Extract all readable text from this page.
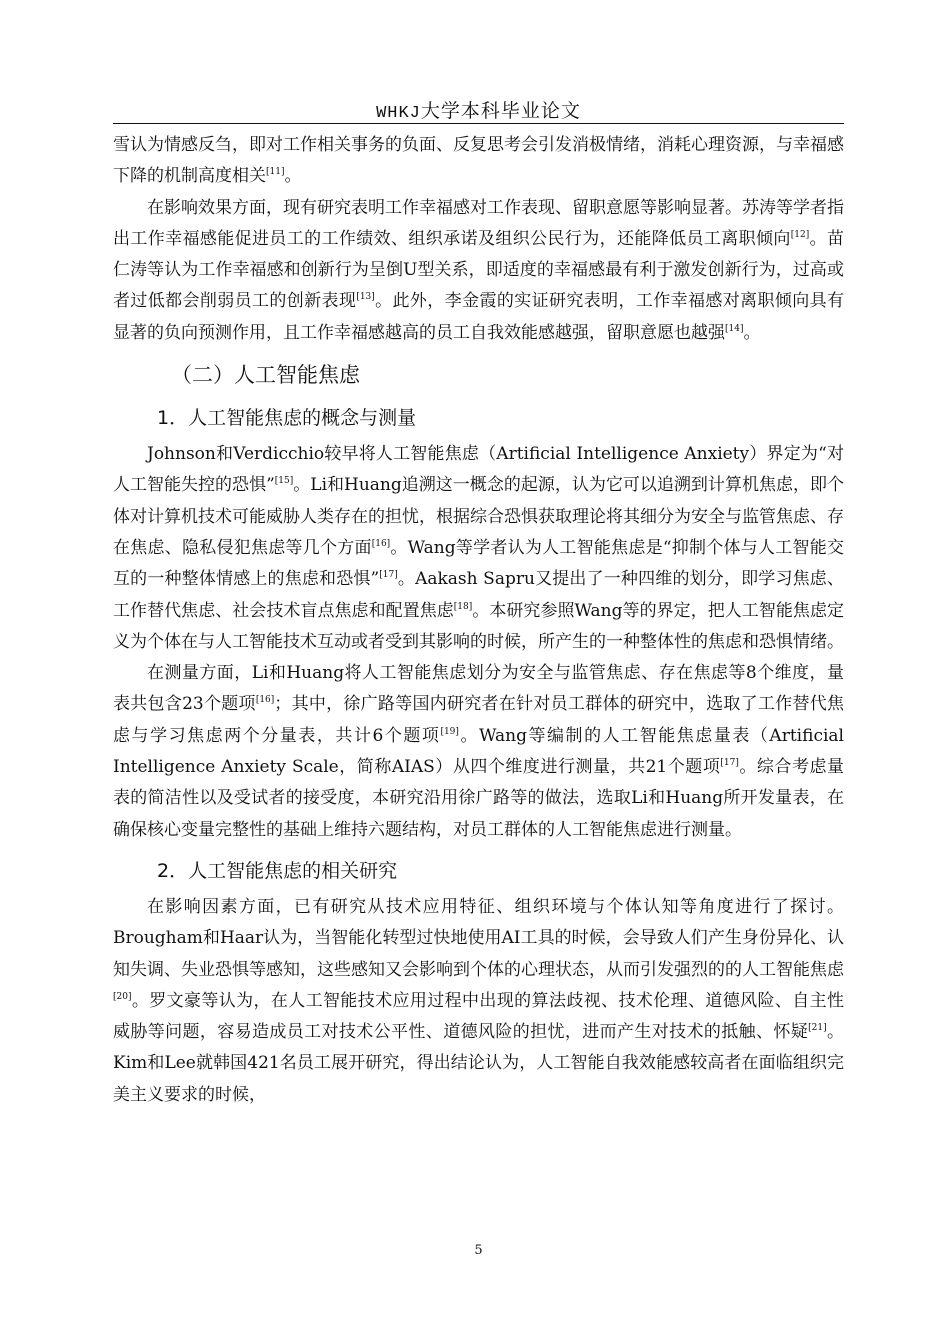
WHKJ大学本科毕业论文

雪认为情感反刍，即对工作相关事务的负面、反复思考会引发消极情绪，消耗心理资源，与幸福感下降的机制高度相关[11]。

在影响效果方面，现有研究表明工作幸福感对工作表现、留职意愿等影响显著。苏涛等学者指出工作幸福感能促进员工的工作绩效、组织承诺及组织公民行为，还能降低员工离职倾向[12]。苗仁涛等认为工作幸福感和创新行为呈倒U型关系，即适度的幸福感最有利于激发创新行为，过高或者过低都会削弱员工的创新表现[13]。此外，李金霞的实证研究表明，工作幸福感对离职倾向具有显著的负向预测作用，且工作幸福感越高的员工自我效能感越强，留职意愿也越强[14]。

（二）人工智能焦虑
1．人工智能焦虑的概念与测量

Johnson和Verdicchio较早将人工智能焦虑（Artificial Intelligence Anxiety）界定为“对人工智能失控的恐惧”[15]。Li和Huang追溯这一概念的起源，认为它可以追溯到计算机焦虑，即个体对计算机技术可能威胁人类存在的担忧，根据综合恐惧获取理论将其细分为安全与监管焦虑、存在焦虑、隐私侵犯焦虑等几个方面[16]。Wang等学者认为人工智能焦虑是“抑制个体与人工智能交互的一种整体情感上的焦虑和恐惧”[17]。Aakash Sapru又提出了一种四维的划分，即学习焦虑、工作替代焦虑、社会技术盲点焦虑和配置焦虑[18]。本研究参照Wang等的界定，把人工智能焦虑定义为个体在与人工智能技术互动或者受到其影响的时候，所产生的一种整体性的焦虑和恐惧情绪。

在测量方面，Li和Huang将人工智能焦虑划分为安全与监管焦虑、存在焦虑等8个维度，量表共包含23个题项[16]；其中，徐广路等国内研究者在针对员工群体的研究中，选取了工作替代焦虑与学习焦虑两个分量表，共计6个题项[19]。Wang等编制的人工智能焦虑量表（Artificial Intelligence Anxiety Scale，简称AIAS）从四个维度进行测量，共21个题项[17]。综合考虑量表的简洁性以及受试者的接受度，本研究沿用徐广路等的做法，选取Li和Huang所开发量表，在确保核心变量完整性的基础上维持六题结构，对员工群体的人工智能焦虑进行测量。

2．人工智能焦虑的相关研究

在影响因素方面，已有研究从技术应用特征、组织环境与个体认知等角度进行了探讨。Brougham和Haar认为，当智能化转型过快地使用AI工具的时候，会导致人们产生身份异化、认知失调、失业恐惧等感知，这些感知又会影响到个体的心理状态，从而引发强烈的的人工智能焦虑[20]。罗文豪等认为，在人工智能技术应用过程中出现的算法歧视、技术伦理、道德风险、自主性威胁等问题，容易造成员工对技术公平性、道德风险的担忧，进而产生对技术的抵触、怀疑[21]。Kim和Lee就韩国421名员工展开研究，得出结论认为，人工智能自我效能感较高者在面临组织完美主义要求的时候，

5
